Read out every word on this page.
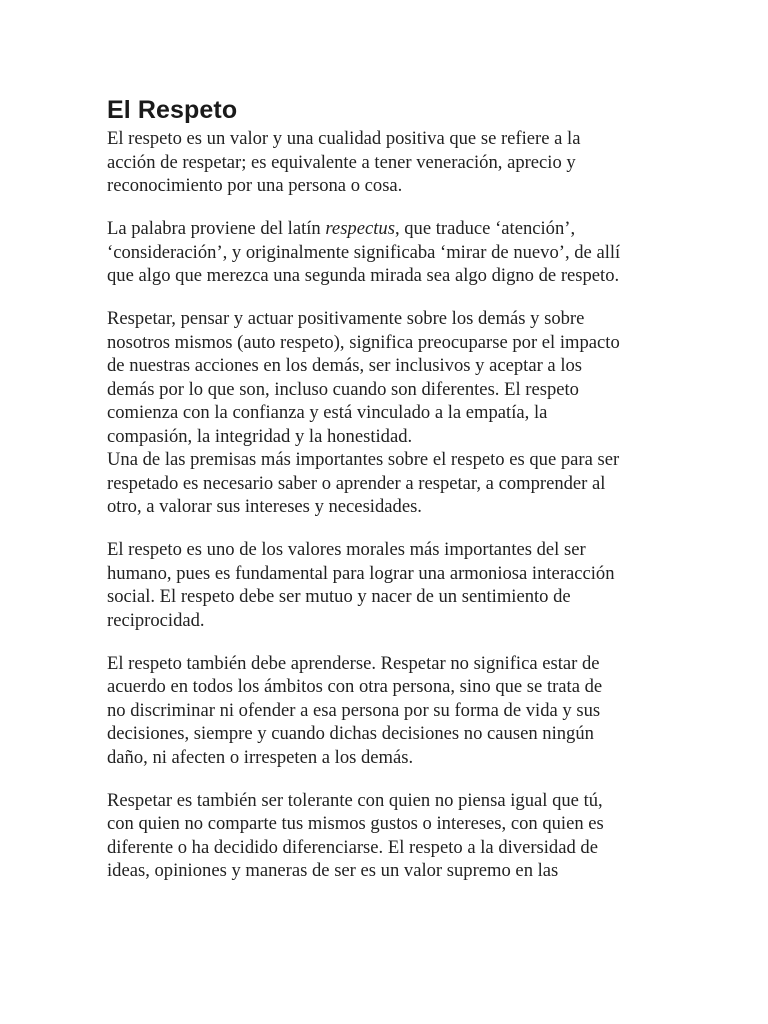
El Respeto

El respeto es un valor y una cualidad positiva que se refiere a la
acción de respetar; es equivalente a tener veneración, aprecio y
reconocimiento por una persona o cosa.

La palabra proviene del latín respectus, que traduce ‘atención’,
‘consideración’, y originalmente significaba ‘mirar de nuevo’, de allí
que algo que merezca una segunda mirada sea algo digno de respeto.

Respetar, pensar y actuar positivamente sobre los demás y sobre
nosotros mismos (auto respeto), significa preocuparse por el impacto
de nuestras acciones en los demás, ser inclusivos y aceptar a los
demás por lo que son, incluso cuando son diferentes. El respeto
comienza con la confianza y está vinculado a la empatía, la
compasión, la integridad y la honestidad.

Una de las premisas más importantes sobre el respeto es que para ser
respetado es necesario saber o aprender a respetar, a comprender al
otro, a valorar sus intereses y necesidades.

El respeto es uno de los valores morales más importantes del ser
humano, pues es fundamental para lograr una armoniosa interacción
social. El respeto debe ser mutuo y nacer de un sentimiento de
reciprocidad.

El respeto también debe aprenderse. Respetar no significa estar de
acuerdo en todos los ámbitos con otra persona, sino que se trata de
no discriminar ni ofender a esa persona por su forma de vida y sus
decisiones, siempre y cuando dichas decisiones no causen ningún
daño, ni afecten o irrespeten a los demás.

Respetar es también ser tolerante con quien no piensa igual que tú,
con quien no comparte tus mismos gustos o intereses, con quien es
diferente o ha decidido diferenciarse. El respeto a la diversidad de
ideas, opiniones y maneras de ser es un valor supremo en las
